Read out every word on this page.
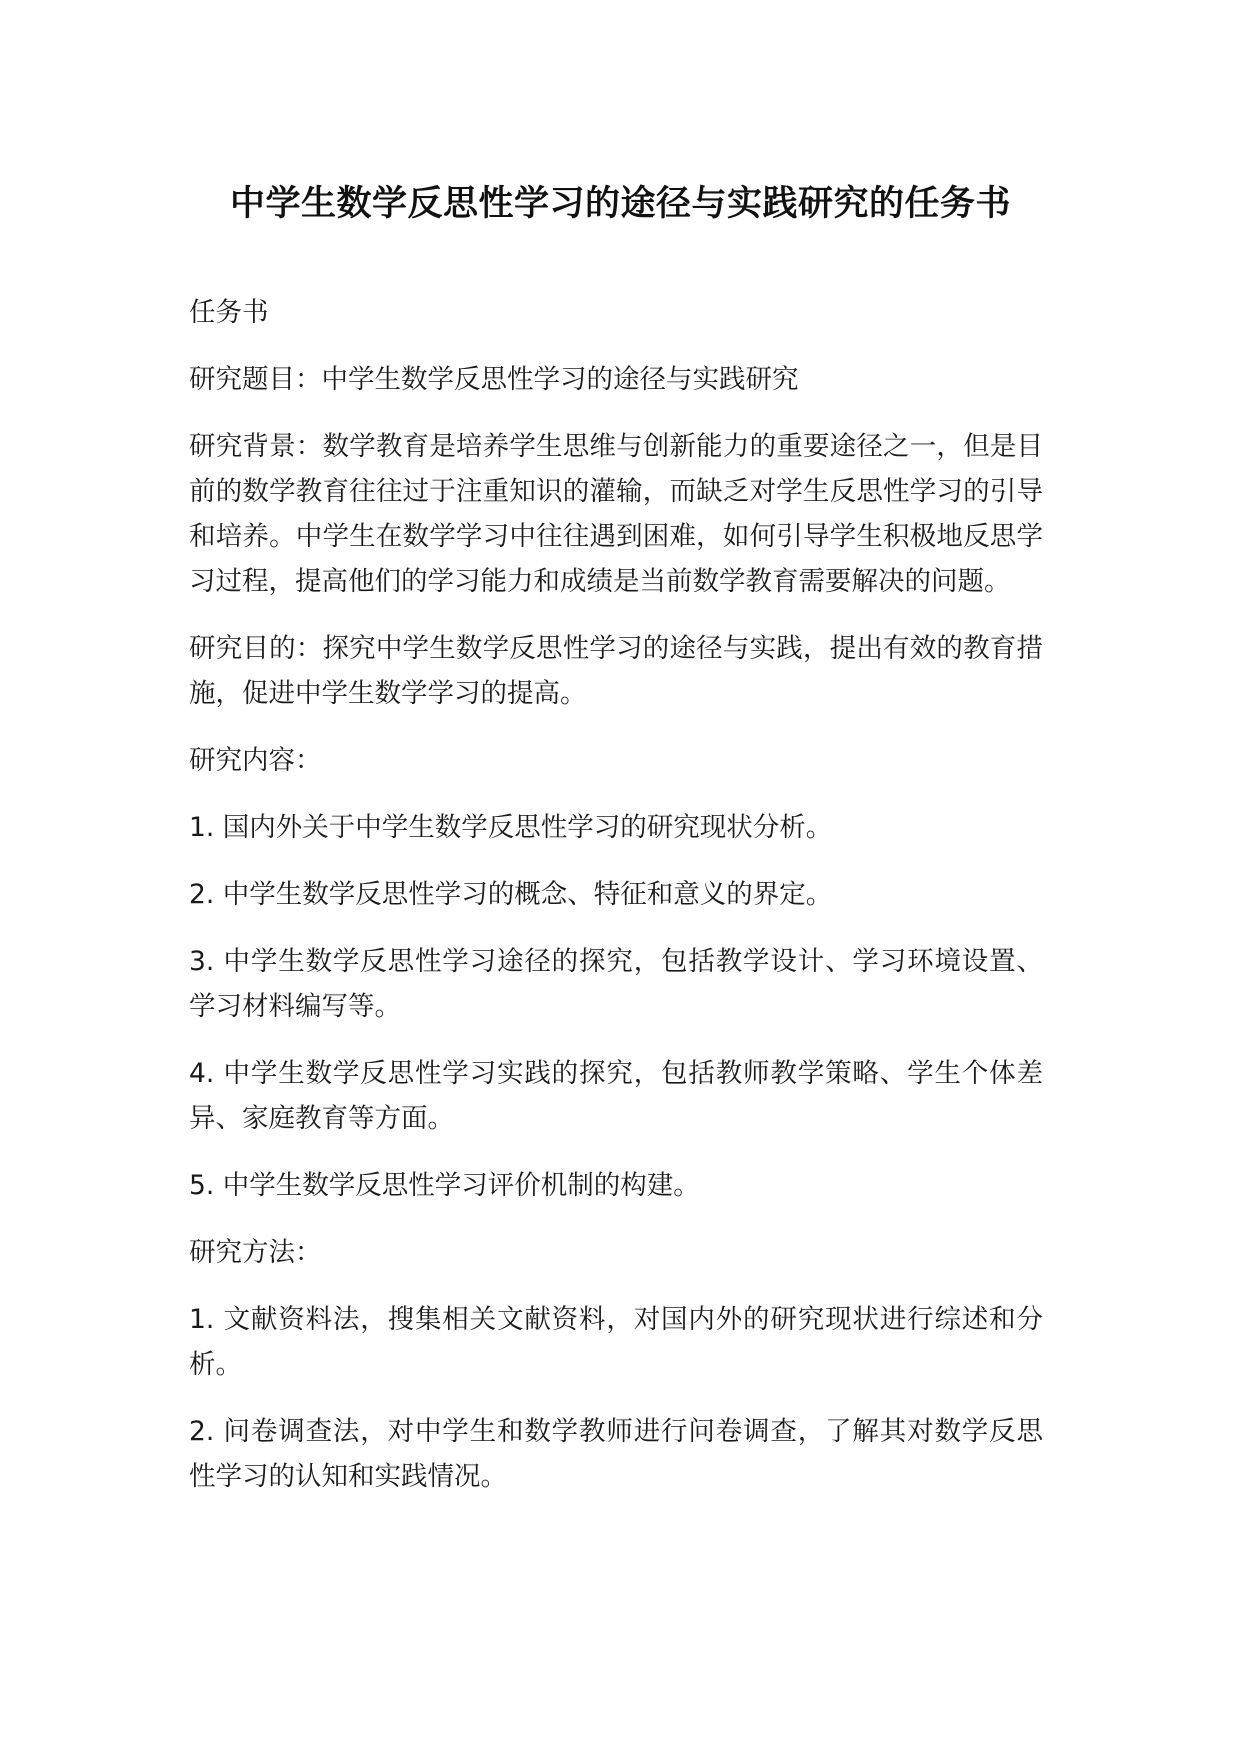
中学生数学反思性学习的途径与实践研究的任务书

任务书

研究题目：中学生数学反思性学习的途径与实践研究

研究背景：数学教育是培养学生思维与创新能力的重要途径之一，但是目前的数学教育往往过于注重知识的灌输，而缺乏对学生反思性学习的引导和培养。中学生在数学学习中往往遇到困难，如何引导学生积极地反思学习过程，提高他们的学习能力和成绩是当前数学教育需要解决的问题。

研究目的：探究中学生数学反思性学习的途径与实践，提出有效的教育措施，促进中学生数学学习的提高。

研究内容：

1. 国内外关于中学生数学反思性学习的研究现状分析。

2. 中学生数学反思性学习的概念、特征和意义的界定。

3. 中学生数学反思性学习途径的探究，包括教学设计、学习环境设置、学习材料编写等。

4. 中学生数学反思性学习实践的探究，包括教师教学策略、学生个体差异、家庭教育等方面。

5. 中学生数学反思性学习评价机制的构建。

研究方法：

1. 文献资料法，搜集相关文献资料，对国内外的研究现状进行综述和分析。

2. 问卷调查法，对中学生和数学教师进行问卷调查，了解其对数学反思性学习的认知和实践情况。
